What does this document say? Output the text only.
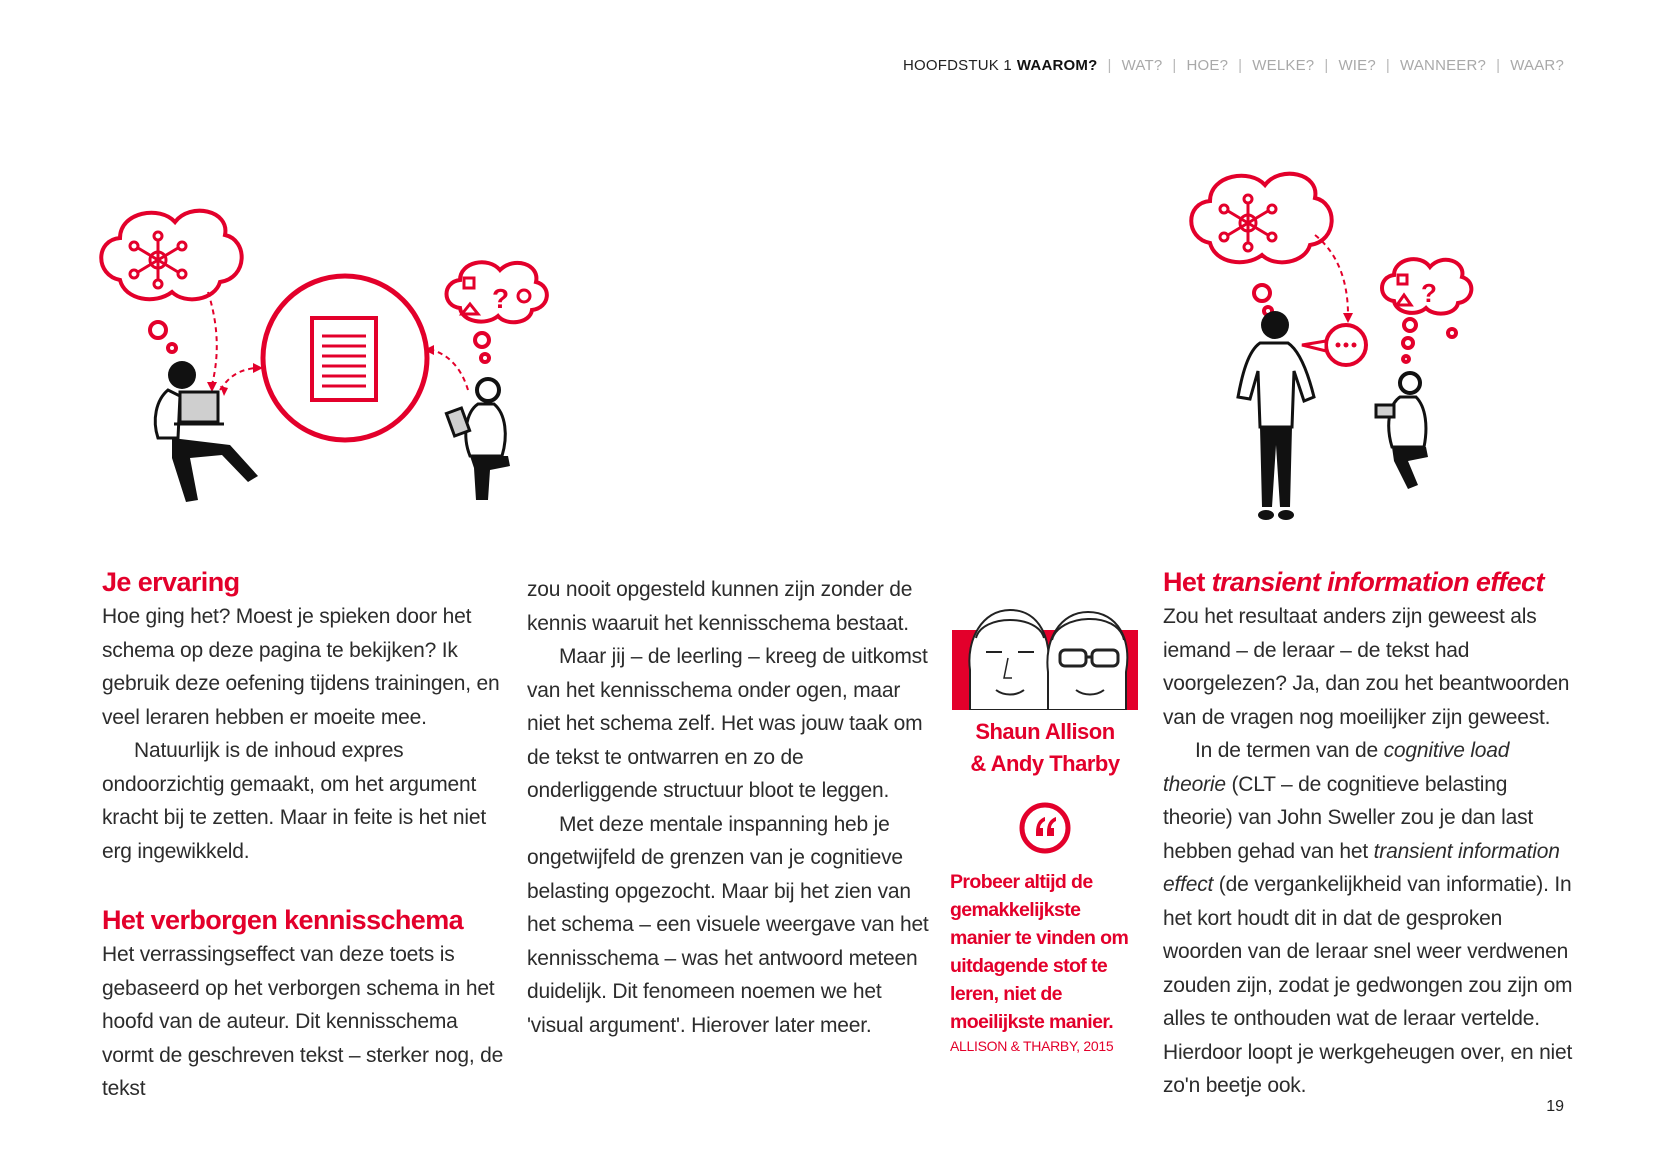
HOOFDSTUK 1 WAAROM? | WAT? | HOE? | WELKE? | WIE? | WANNEER? | WAAR?
?	?
Je ervaring

Hoe ging het? Moest je spieken door het schema op deze pagina te bekijken? Ik gebruik deze oefening tijdens trainingen, en veel leraren hebben er moeite mee.

Natuurlijk is de inhoud expres ondoorzichtig gemaakt, om het argument kracht bij te zetten. Maar in feite is het niet erg ingewikkeld.

Het verborgen kennisschema

Het verrassingseffect van deze toets is gebaseerd op het verborgen schema in het hoofd van de auteur. Dit kennisschema vormt de geschreven tekst – sterker nog, de tekst

zou nooit opgesteld kunnen zijn zonder de kennis waaruit het kennisschema bestaat.

Maar jij – de leerling – kreeg de uitkomst van het kennisschema onder ogen, maar niet het schema zelf. Het was jouw taak om de tekst te ontwarren en zo de onderliggende structuur bloot te leggen.

Met deze mentale inspanning heb je ongetwijfeld de grenzen van je cognitieve belasting opgezocht. Maar bij het zien van het schema – een visuele weergave van het kennisschema – was het antwoord meteen duidelijk. Dit fenomeen noemen we het 'visual argument'. Hierover later meer.

Shaun Allison
& Andy Tharby
Probeer altijd de gemakkelijkste manier te vinden om uitdagende stof te leren, niet de moeilijkste manier.
ALLISON & THARBY, 2015
Het transient information effect

Zou het resultaat anders zijn geweest als iemand – de leraar – de tekst had voorgelezen? Ja, dan zou het beantwoorden van de vragen nog moeilijker zijn geweest.

In de termen van de cognitive load theorie (CLT – de cognitieve belasting theorie) van John Sweller zou je dan last hebben gehad van het transient information effect (de vergankelijkheid van informatie). In het kort houdt dit in dat de gesproken woorden van de leraar snel weer verdwenen zouden zijn, zodat je gedwongen zou zijn om alles te onthouden wat de leraar vertelde. Hierdoor loopt je werkgeheugen over, en niet zo'n beetje ook.

19
